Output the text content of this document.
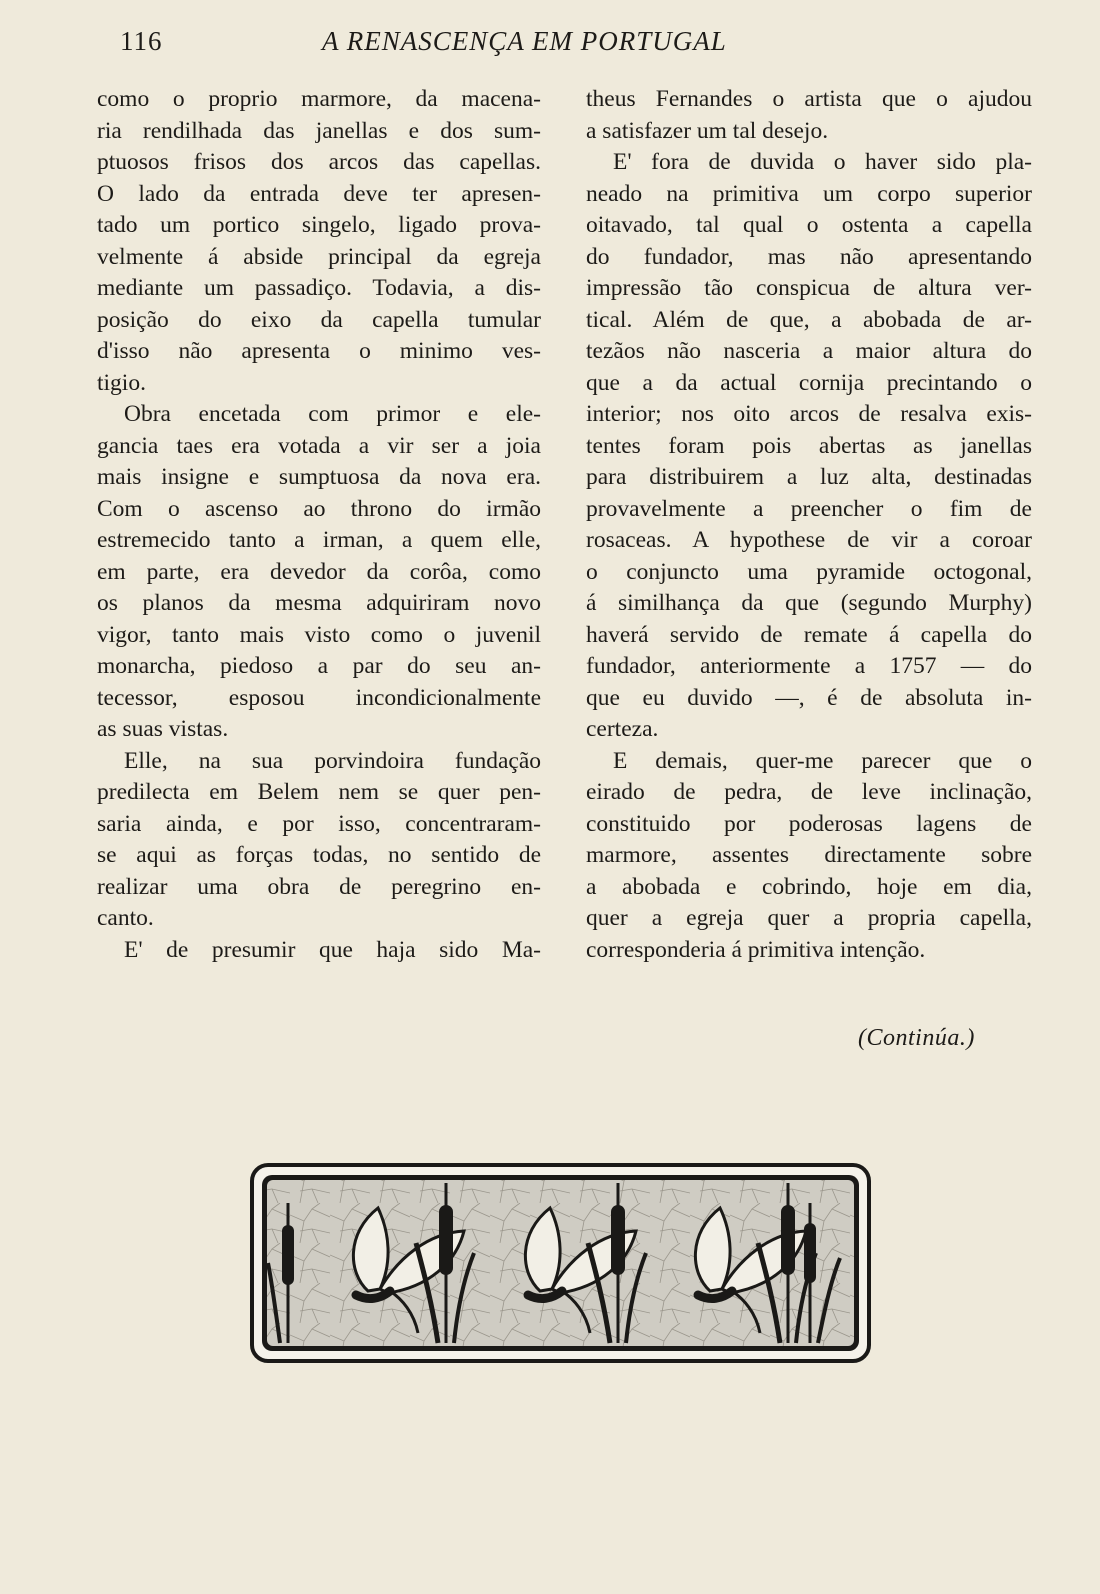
116	A RENASCENÇA EM PORTUGAL
como o proprio marmore, da macena-
ria rendilhada das janellas e dos sum-
ptuosos frisos dos arcos das capellas.
O lado da entrada deve ter apresen-
tado um portico singelo, ligado prova-
velmente á abside principal da egreja
mediante um passadiço. Todavia, a dis-
posição do eixo da capella tumular
d'isso não apresenta o minimo ves-
tigio.
Obra encetada com primor e ele-
gancia taes era votada a vir ser a joia
mais insigne e sumptuosa da nova era.
Com o ascenso ao throno do irmão
estremecido tanto a irman, a quem elle,
em parte, era devedor da corôa, como
os planos da mesma adquiriram novo
vigor, tanto mais visto como o juvenil
monarcha, piedoso a par do seu an-
tecessor, esposou incondicionalmente
as suas vistas.
Elle, na sua porvindoira fundação
predilecta em Belem nem se quer pen-
saria ainda, e por isso, concentraram-
se aqui as forças todas, no sentido de
realizar uma obra de peregrino en-
canto.
E' de presumir que haja sido Ma-
theus Fernandes o artista que o ajudou
a satisfazer um tal desejo.
E' fora de duvida o haver sido pla-
neado na primitiva um corpo superior
oitavado, tal qual o ostenta a capella
do fundador, mas não apresentando
impressão tão conspicua de altura ver-
tical. Além de que, a abobada de ar-
tezãos não nasceria a maior altura do
que a da actual cornija precintando o
interior; nos oito arcos de resalva exis-
tentes foram pois abertas as janellas
para distribuirem a luz alta, destinadas
provavelmente a preencher o fim de
rosaceas. A hypothese de vir a coroar
o conjuncto uma pyramide octogonal,
á similhança da que (segundo Murphy)
haverá servido de remate á capella do
fundador, anteriormente a 1757 — do
que eu duvido —, é de absoluta in-
certeza.
E demais, quer-me parecer que o
eirado de pedra, de leve inclinação,
constituido por poderosas lagens de
marmore, assentes directamente sobre
a abobada e cobrindo, hoje em dia,
quer a egreja quer a propria capella,
corresponderia á primitiva intenção.
(Continúa.)
